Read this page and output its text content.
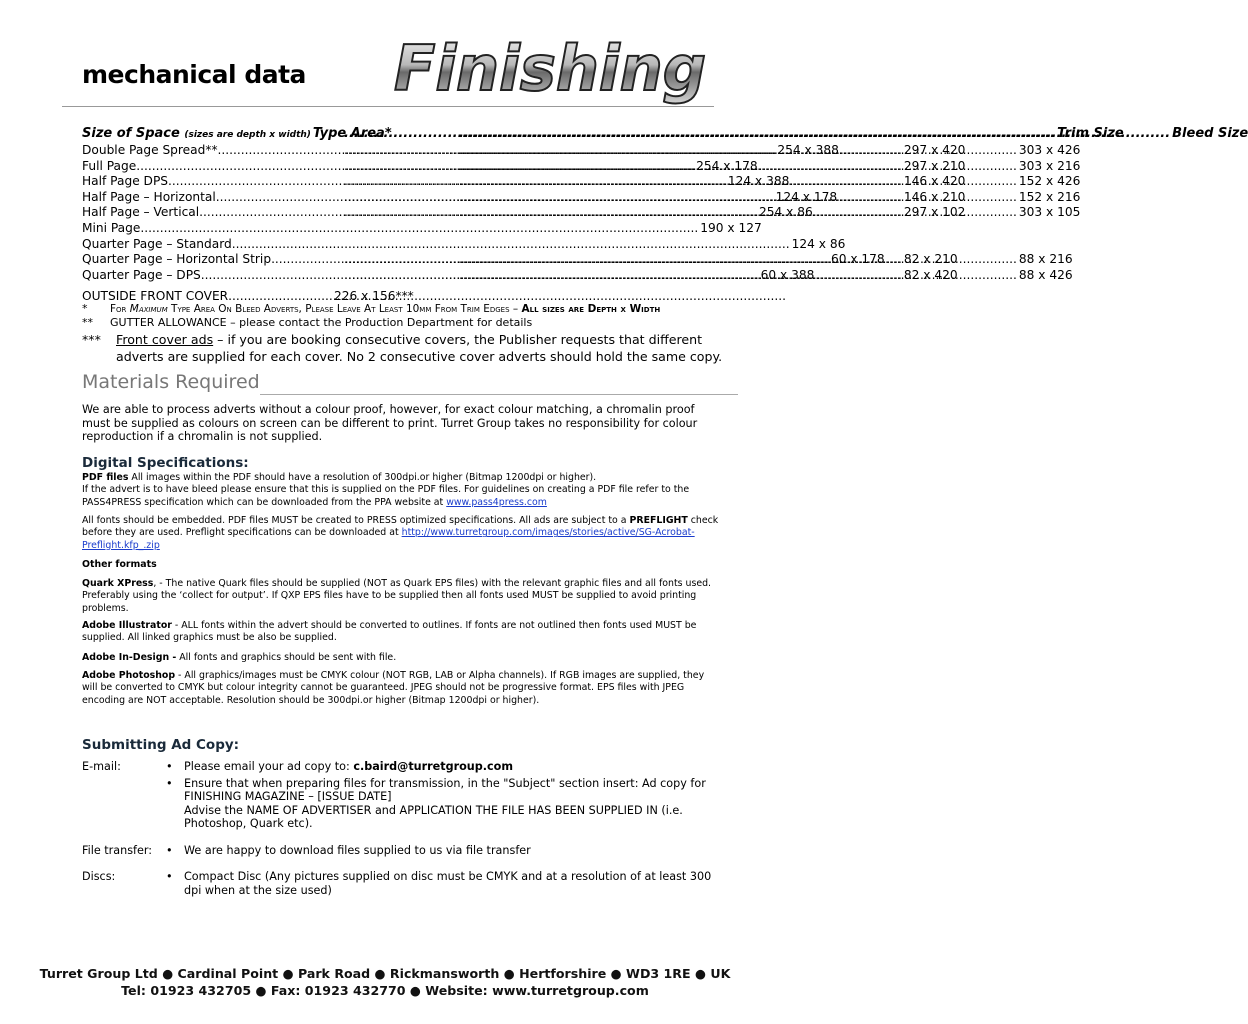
mechanical data Finishing
Size of Space (sizes are depth x width) Type Area* .....	Trim Size .....	Bleed Size
Double Page Spread** .....	254 x 388 .....	297 x 420 .....	303 x 426
Full Page .....	254 x 178 .....	297 x 210 .....	303 x 216
Half Page DPS .....	124 x 388 .....	146 x 420 .....	152 x 426
Half Page – Horizontal .....	124 x 178 .....	146 x 210 .....	152 x 216
Half Page – Vertical .....	254 x 86 .....	297 x 102 .....	303 x 105
Mini Page .....	190 x 127
Quarter Page – Standard .....	124 x 86
Quarter Page – Horizontal Strip .....	60 x 178 ..... 82 x 210 .....	88 x 216
Quarter Page – DPS .....	60 x 388 .....	82 x 420 .....	88 x 426
OUTSIDE FRONT COVER .....	226 x 156***
*	For Maximum Type Area On Bleed Adverts, Please Leave At Least 10mm From Trim Edges – All sizes are Depth x Width
**	GUTTER ALLOWANCE – please contact the Production Department for details
***	Front cover ads – if you are booking consecutive covers, the Publisher requests that different adverts are supplied for each cover. No 2 consecutive cover adverts should hold the same copy.
Materials Required
We are able to process adverts without a colour proof, however, for exact colour matching, a chromalin proof must be supplied as colours on screen can be different to print. Turret Group takes no responsibility for colour reproduction if a chromalin is not supplied.
Digital Specifications:
PDF files All images within the PDF should have a resolution of 300dpi.or higher (Bitmap 1200dpi or higher).
If the advert is to have bleed please ensure that this is supplied on the PDF files. For guidelines on creating a PDF file refer to the PASS4PRESS specification which can be downloaded from the PPA website at www.pass4press.com
All fonts should be embedded. PDF files MUST be created to PRESS optimized specifications. All ads are subject to a PREFLIGHT check before they are used. Preflight specifications can be downloaded at http://www.turretgroup.com/images/stories/active/SG-Acrobat-Preflight.kfp_.zip
Other formats
Quark XPress, - The native Quark files should be supplied (NOT as Quark EPS files) with the relevant graphic files and all fonts used. Preferably using the ‘collect for output’. If QXP EPS files have to be supplied then all fonts used MUST be supplied to avoid printing problems.
Adobe Illustrator - ALL fonts within the advert should be converted to outlines. If fonts are not outlined then fonts used MUST be supplied. All linked graphics must be also be supplied.
Adobe In-Design - All fonts and graphics should be sent with file.
Adobe Photoshop - All graphics/images must be CMYK colour (NOT RGB, LAB or Alpha channels). If RGB images are supplied, they will be converted to CMYK but colour integrity cannot be guaranteed. JPEG should not be progressive format. EPS files with JPEG encoding are NOT acceptable. Resolution should be 300dpi.or higher (Bitmap 1200dpi or higher).
Submitting Ad Copy:
E-mail:	•	Please email your ad copy to: c.baird@turretgroup.com
•	Ensure that when preparing files for transmission, in the "Subject" section insert: Ad copy for FINISHING MAGAZINE – [ISSUE DATE]
Advise the NAME OF ADVERTISER and APPLICATION THE FILE HAS BEEN SUPPLIED IN (i.e. Photoshop, Quark etc).
File transfer:	•	We are happy to download files supplied to us via file transfer
Discs:	•	Compact Disc (Any pictures supplied on disc must be CMYK and at a resolution of at least 300 dpi when at the size used)
Turret Group Ltd ● Cardinal Point ● Park Road ● Rickmansworth ● Hertforshire ● WD3 1RE ● UK
Tel: 01923 432705 ● Fax: 01923 432770 ● Website: www.turretgroup.com
